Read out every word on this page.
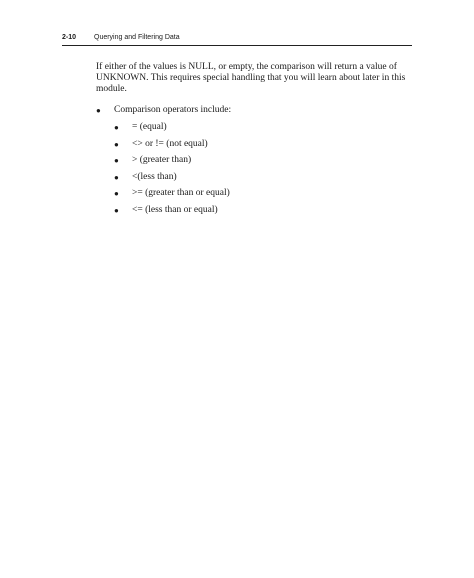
2-10	Querying and Filtering Data

If either of the values is NULL, or empty, the comparison will return a value of UNKNOWN. This requires special handling that you will learn about later in this module.

●	Comparison operators include:
● = (equal)
● <> or != (not equal)
● > (greater than)
● <(less than)
● >= (greater than or equal)
● <= (less than or equal)
